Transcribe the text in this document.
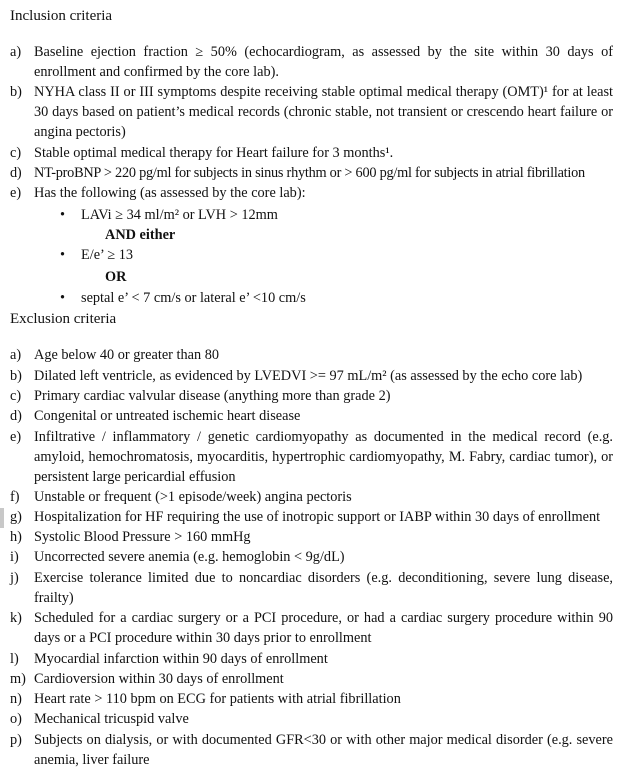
Inclusion criteria
a) Baseline ejection fraction ≥ 50% (echocardiogram, as assessed by the site within 30 days of enrollment and confirmed by the core lab).
b) NYHA class II or III symptoms despite receiving stable optimal medical therapy (OMT)¹ for at least 30 days based on patient’s medical records (chronic stable, not transient or crescendo heart failure or angina pectoris)
c) Stable optimal medical therapy for Heart failure for 3 months¹.
d) NT-proBNP > 220 pg/ml for subjects in sinus rhythm or > 600 pg/ml for subjects in atrial fibrillation
e) Has the following (as assessed by the core lab):
• LAVi ≥ 34 ml/m² or LVH > 12mm
AND either
• E/e’ ≥ 13
OR
• septal e’ < 7 cm/s or lateral e’ <10 cm/s
Exclusion criteria
a) Age below 40 or greater than 80
b) Dilated left ventricle, as evidenced by LVEDVI >= 97 mL/m² (as assessed by the echo core lab)
c) Primary cardiac valvular disease (anything more than grade 2)
d) Congenital or untreated ischemic heart disease
e) Infiltrative / inflammatory / genetic cardiomyopathy as documented in the medical record (e.g. amyloid, hemochromatosis, myocarditis, hypertrophic cardiomyopathy, M. Fabry, cardiac tumor), or persistent large pericardial effusion
f)	Unstable or frequent (>1 episode/week) angina pectoris
g) Hospitalization for HF requiring the use of inotropic support or IABP within 30 days of enrollment
h) Systolic Blood Pressure > 160 mmHg
i)	Uncorrected severe anemia (e.g. hemoglobin < 9g/dL)
j)	Exercise tolerance limited due to noncardiac disorders (e.g. deconditioning, severe lung disease, frailty)
k) Scheduled for a cardiac surgery or a PCI procedure, or had a cardiac surgery procedure within 90 days or a PCI procedure within 30 days prior to enrollment
l)	Myocardial infarction within 90 days of enrollment
m) Cardioversion within 30 days of enrollment
n) Heart rate > 110 bpm on ECG for patients with atrial fibrillation
o) Mechanical tricuspid valve
p) Subjects on dialysis, or with documented GFR<30 or with other major medical disorder (e.g. severe anemia, liver failure
